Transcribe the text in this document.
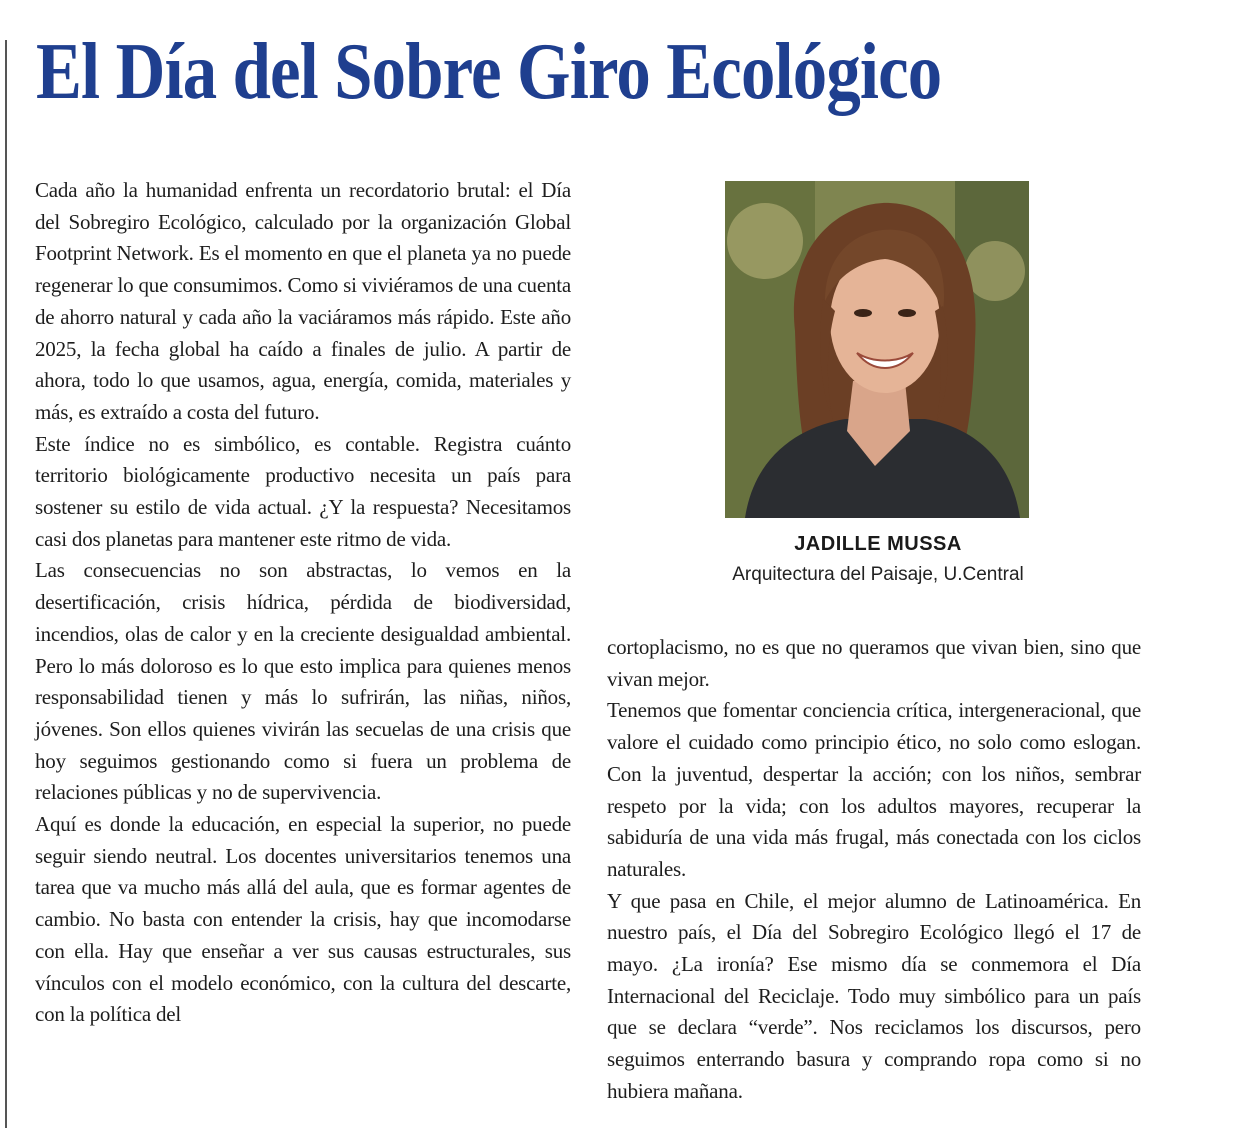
El Día del Sobre Giro Ecológico

Cada año la humanidad enfrenta un recordatorio brutal: el Día del Sobregiro Ecológico, calculado por la organización Global Footprint Network. Es el momento en que el planeta ya no puede regenerar lo que consumimos. Como si viviéramos de una cuenta de ahorro natural y cada año la vaciáramos más rápido. Este año 2025, la fecha global ha caído a finales de julio. A partir de ahora, todo lo que usamos, agua, energía, comida, materiales y más, es extraído a costa del futuro.

Este índice no es simbólico, es contable. Registra cuánto territorio biológicamente productivo necesita un país para sostener su estilo de vida actual. ¿Y la respuesta? Necesitamos casi dos planetas para mantener este ritmo de vida.

Las consecuencias no son abstractas, lo vemos en la desertificación, crisis hídrica, pérdida de biodiversidad, incendios, olas de calor y en la creciente desigualdad ambiental. Pero lo más doloroso es lo que esto implica para quienes menos responsabilidad tienen y más lo sufrirán, las niñas, niños, jóvenes. Son ellos quienes vivirán las secuelas de una crisis que hoy seguimos gestionando como si fuera un problema de relaciones públicas y no de supervivencia.

Aquí es donde la educación, en especial la superior, no puede seguir siendo neutral. Los docentes universitarios tenemos una tarea que va mucho más allá del aula, que es formar agentes de cambio. No basta con entender la crisis, hay que incomodarse con ella. Hay que enseñar a ver sus causas estructurales, sus vínculos con el modelo económico, con la cultura del descarte, con la política del

JADILLE MUSSA
Arquitectura del Paisaje, U.Central

cortoplacismo, no es que no queramos que vivan bien, sino que vivan mejor.

Tenemos que fomentar conciencia crítica, intergeneracional, que valore el cuidado como principio ético, no solo como eslogan. Con la juventud, despertar la acción; con los niños, sembrar respeto por la vida; con los adultos mayores, recuperar la sabiduría de una vida más frugal, más conectada con los ciclos naturales.

Y que pasa en Chile, el mejor alumno de Latinoamérica. En nuestro país, el Día del Sobregiro Ecológico llegó el 17 de mayo. ¿La ironía? Ese mismo día se conmemora el Día Internacional del Reciclaje. Todo muy simbólico para un país que se declara “verde”. Nos reciclamos los discursos, pero seguimos enterrando basura y comprando ropa como si no hubiera mañana.
